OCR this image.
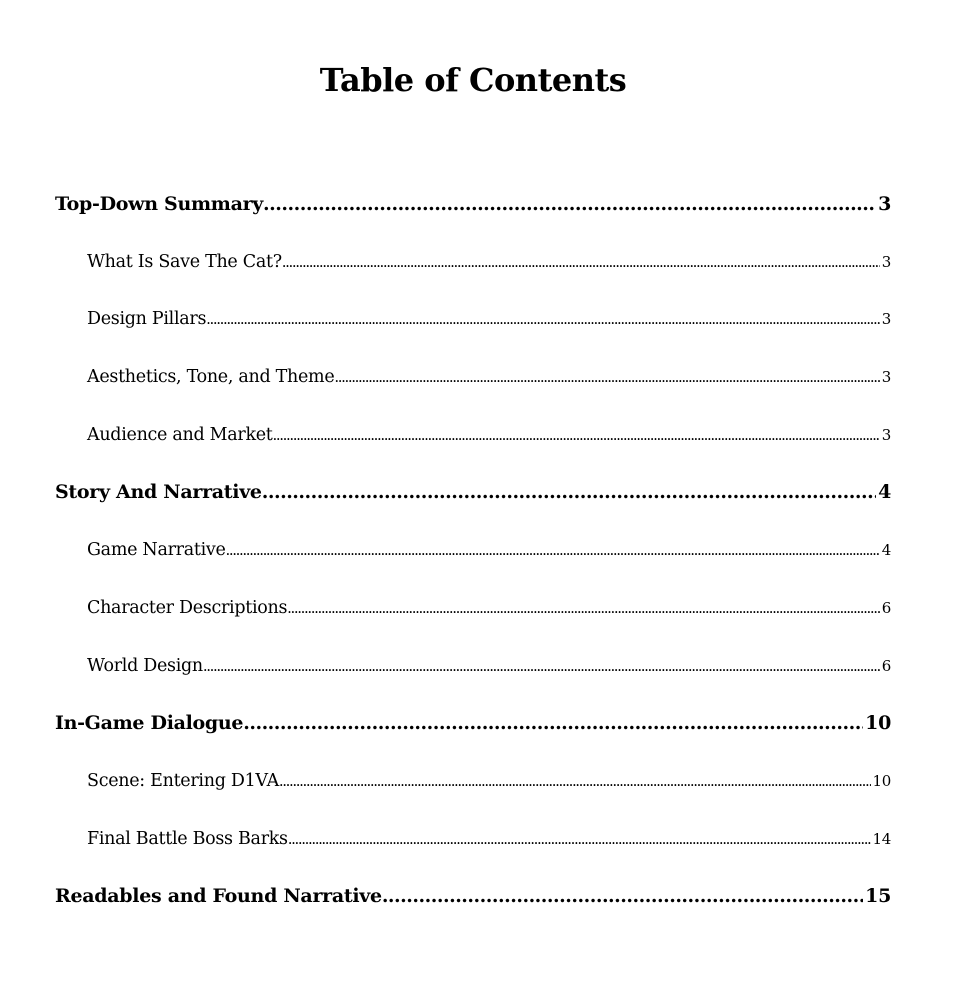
Table of Contents
Top-Down Summary .....	3
What Is Save The Cat? .....	3
Design Pillars .....	3
Aesthetics, Tone, and Theme .....	3
Audience and Market .....	3
Story And Narrative .....	4
Game Narrative .....	4
Character Descriptions .....	6
World Design .....	6
In-Game Dialogue .....	10
Scene: Entering D1VA .....	10
Final Battle Boss Barks .....	14
Readables and Found Narrative .....	15
